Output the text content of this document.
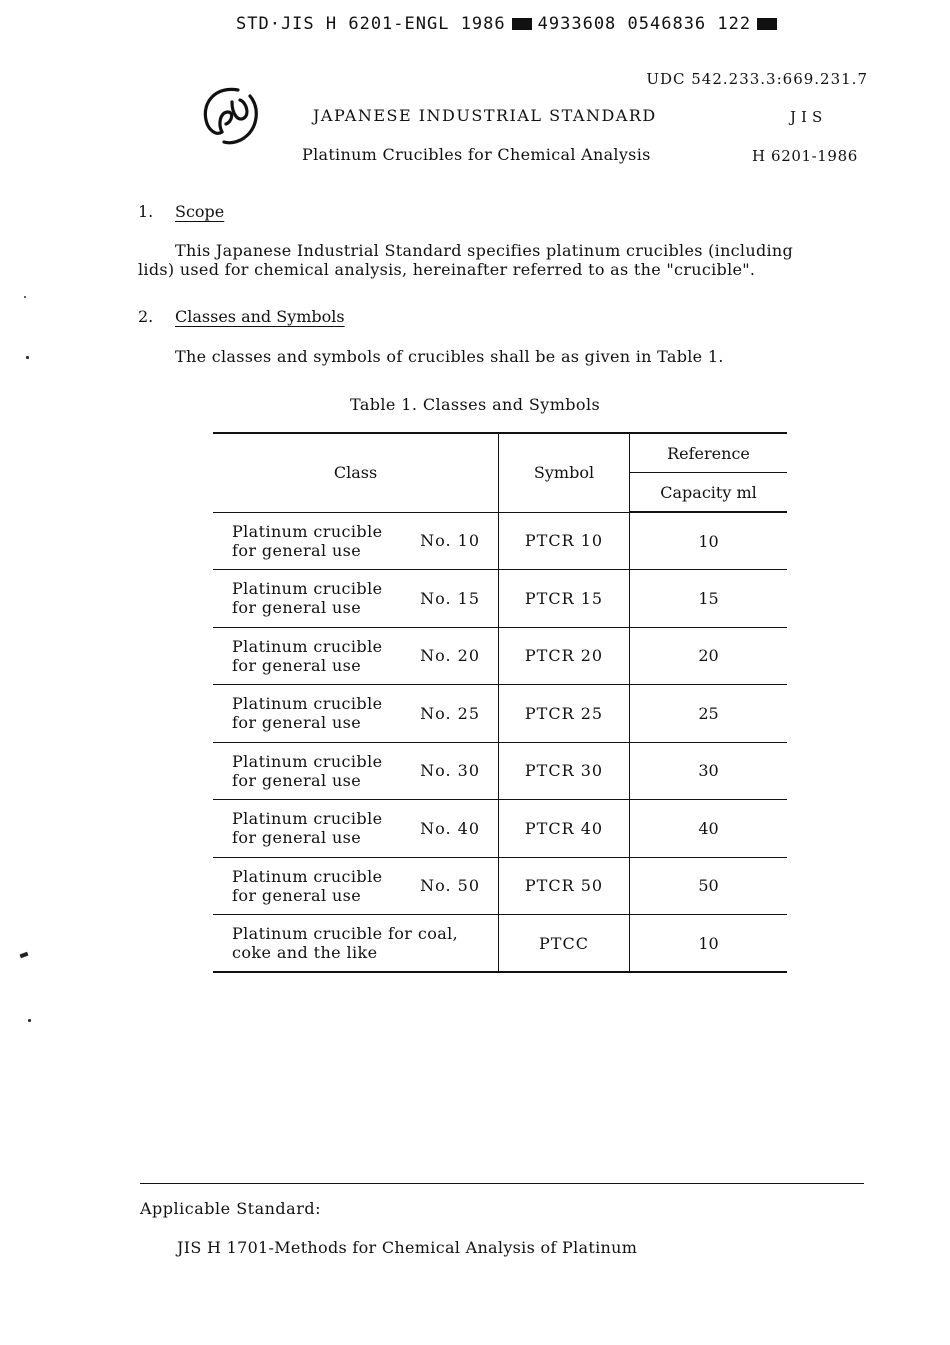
STD·JIS H 6201-ENGL 1986 4933608 0546836 122
UDC 542.233.3:669.231.7
JAPANESE INDUSTRIAL STANDARD	JIS
Platinum Crucibles for Chemical Analysis	H 6201-1986
1. Scope
This Japanese Industrial Standard specifies platinum crucibles (including
lids) used for chemical analysis, hereinafter referred to as the "crucible".
2. Classes and Symbols
The classes and symbols of crucibles shall be as given in Table 1.
Table 1. Classes and Symbols
Class	Symbol	Reference
		Capacity ml

Platinum crucible
for general use No. 10	PTCR 10	10

Platinum crucible
for general use No. 15	PTCR 15	15

Platinum crucible
for general use No. 20	PTCR 20	20

Platinum crucible
for general use No. 25	PTCR 25	25

Platinum crucible
for general use No. 30	PTCR 30	30

Platinum crucible
for general use No. 40	PTCR 40	40

Platinum crucible
for general use No. 50	PTCR 50	50

Platinum crucible for coal,
coke and the like	PTCC	10
Applicable Standard:
JIS H 1701-Methods for Chemical Analysis of Platinum
